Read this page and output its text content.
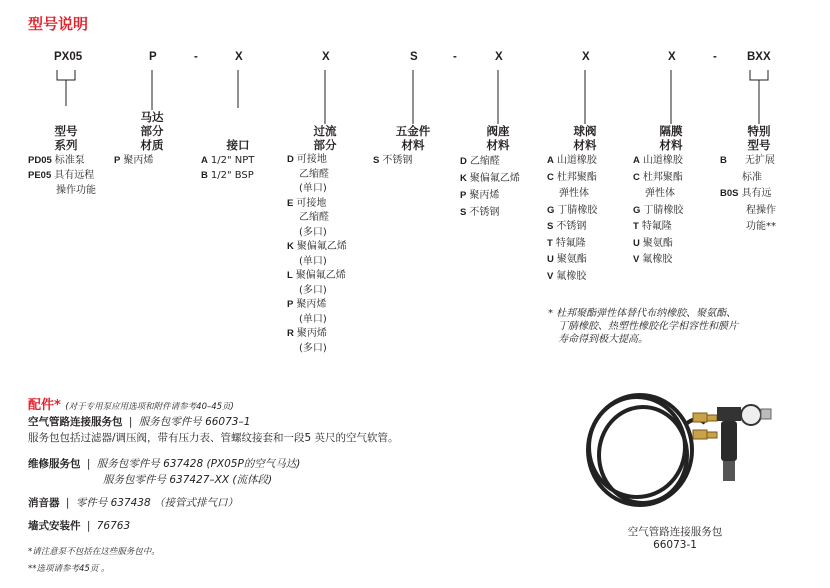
型号说明
PX05	P	-	X	X	S	-	X	X	X	-	BXX
型号
系列
PD05 标准泵
PE05 具有远程
操作功能
马达
部分
材质
P 聚丙烯
接口
A 1/2" NPT
B 1/2" BSP
过流
部分
D 可接地
乙缩醛
(单口)
E 可接地
乙缩醛
(多口)
K 聚偏氟乙烯
(单口)
L 聚偏氟乙烯
(多口)
P 聚丙烯
(单口)
R 聚丙烯
(多口)
五金件
材料
S 不锈钢
阀座
材料
D 乙缩醛
K 聚偏氟乙烯
P 聚丙烯
S 不锈钢
球阀
材料
A 山道橡胶
C 杜邦聚酯
弹性体
G 丁腈橡胶
S 不锈钢
T 特氟隆
U 聚氨酯
V 氟橡胶
隔膜
材料
A 山道橡胶
C 杜邦聚酯
弹性体
G 丁腈橡胶
T 特氟隆
U 聚氨酯
V 氟橡胶
特别
型号
B 无扩展
标准
B0S 具有远
程操作
功能**
* 杜邦聚酯弹性体替代布纳橡胶、聚氨酯、
丁腈橡胶、热塑性橡胶化学相容性和膜片
寿命得到极大提高。
配件* (对于专用泵应用选项和附件请参考40–45页)
空气管路连接服务包 | 服务包零件号 66073–1
服务包包括过滤器/调压阀，带有压力表、管螺纹接套和一段5 英尺的空气软管。
维修服务包 | 服务包零件号 637428 (PX05P的空气马达)
服务包零件号 637427–XX (流体段)
消音器 | 零件号 637438 （接管式排气口）
墙式安装件 | 76763
*请注意泵不包括在这些服务包中。
**选项请参考45页 。
空气管路连接服务包
66073-1
